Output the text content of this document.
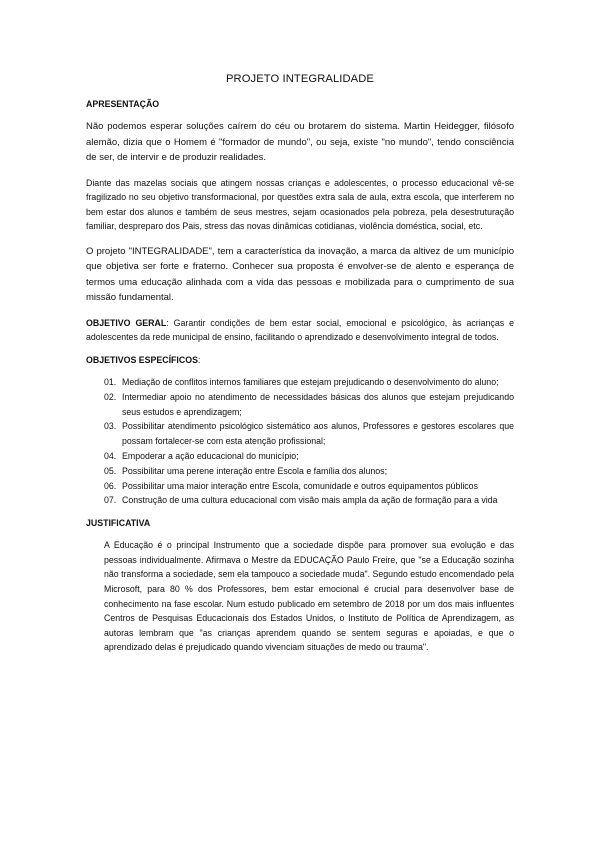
PROJETO INTEGRALIDADE
APRESENTAÇÃO

Não podemos esperar soluções caírem do céu ou brotarem do sistema. Martin Heidegger, filósofo alemão, dizia que o Homem é "formador de mundo", ou seja, existe "no mundo", tendo consciência de ser, de intervir e de produzir realidades.

Diante das mazelas sociais que atingem nossas crianças e adolescentes, o processo educacional vê-se fragilizado no seu objetivo transformacional, por questões extra sala de aula, extra escola, que interferem no bem estar dos alunos e também de seus mestres, sejam ocasionados pela pobreza, pela desestruturação familiar, despreparo dos Pais, stress das novas dinâmicas cotidianas, violência doméstica, social, etc.

O projeto "INTEGRALIDADE", tem a característica da inovação, a marca da altivez de um município que objetiva ser forte e fraterno. Conhecer sua proposta é envolver-se de alento e esperança de termos uma educação alinhada com a vida das pessoas e mobilizada para o cumprimento de sua missão fundamental.

OBJETIVO GERAL: Garantir condições de bem estar social, emocional e psicológico, às acrianças e adolescentes da rede municipal de ensino, facilitando o aprendizado e desenvolvimento integral de todos.

OBJETIVOS ESPECÍFICOS:
01. Mediação de conflitos internos familiares que estejam prejudicando o desenvolvimento do aluno;
02. Intermediar apoio no atendimento de necessidades básicas dos alunos que estejam prejudicando seus estudos e aprendizagem;
03. Possibilitar atendimento psicológico sistemático aos alunos, Professores e gestores escolares que possam fortalecer-se com esta atenção profissional;
04. Empoderar a ação educacional do município;
05. Possibilitar uma perene interação entre Escola e família dos alunos;
06. Possibilitar uma maior interação entre Escola, comunidade e outros equipamentos públicos
07. Construção de uma cultura educacional com visão mais ampla da ação de formação para a vida
JUSTIFICATIVA

A Educação é o principal Instrumento que a sociedade dispõe para promover sua evolução e das pessoas individualmente. Afirmava o Mestre da EDUCAÇÃO Paulo Freire, que "se a Educação sozinha não transforma a sociedade, sem ela tampouco a sociedade muda". Segundo estudo encomendado pela Microsoft, para 80 % dos Professores, bem estar emocional é crucial para desenvolver base de conhecimento na fase escolar. Num estudo publicado em setembro de 2018 por um dos mais influentes Centros de Pesquisas Educacionais dos Estados Unidos, o Instituto de Política de Aprendizagem, as autoras lembram que "as crianças aprendem quando se sentem seguras e apoiadas, e que o aprendizado delas é prejudicado quando vivenciam situações de medo ou trauma".
